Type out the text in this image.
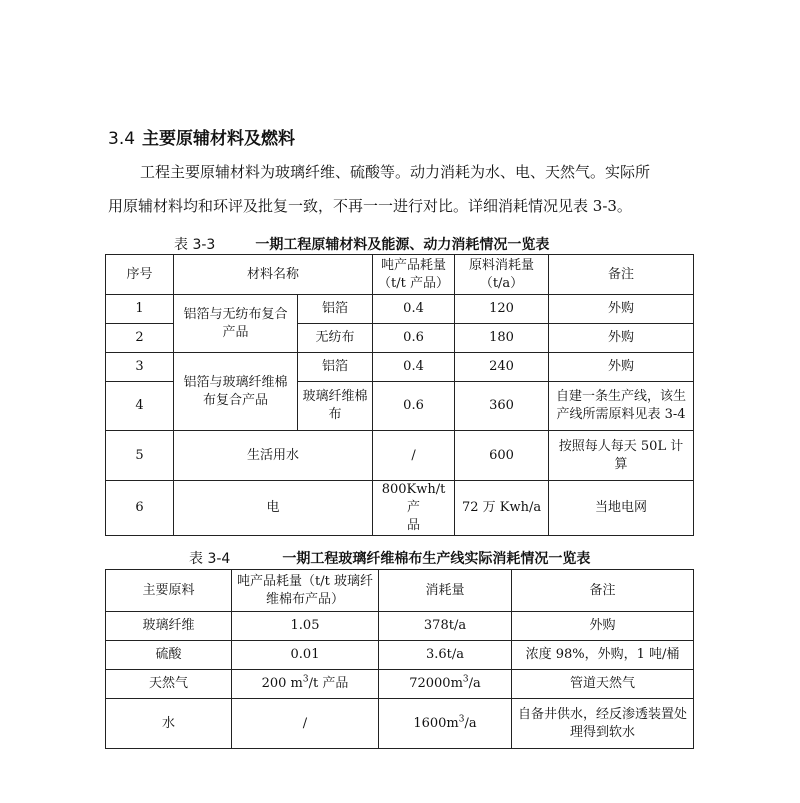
3.4 主要原辅材料及燃料
工程主要原辅材料为玻璃纤维、硫酸等。动力消耗为水、电、天然气。实际所
用原辅材料均和环评及批复一致，不再一一进行对比。详细消耗情况见表 3-3。
表 3-3	一期工程原辅材料及能源、动力消耗情况一览表
序号	材料名称		吨产品耗量
（t/t 产品）	原料消耗量
（t/a）	备注
1	铝箔与无纺布复合
产品	铝箔	0.4	120	外购
2		无纺布	0.6	180	外购
3	铝箔与玻璃纤维棉
布复合产品	铝箔	0.4	240	外购
4		玻璃纤维棉
布	0.6	360	自建一条生产线，该生
产线所需原料见表 3-4
5	生活用水		/	600	按照每人每天 50L 计
算
6	电		800Kwh/t 产
品	72 万 Kwh/a	当地电网
表 3-4	一期工程玻璃纤维棉布生产线实际消耗情况一览表
主要原料	吨产品耗量（t/t 玻璃纤
维棉布产品）	消耗量	备注
玻璃纤维	1.05	378t/a	外购
硫酸	0.01	3.6t/a	浓度 98%，外购，1 吨/桶
天然气	200 $m^3/t$ 产品	$72000m^3/a$	管道天然气
水	/	$1600m^3/a$	自备井供水，经反渗透装置处
理得到软水
